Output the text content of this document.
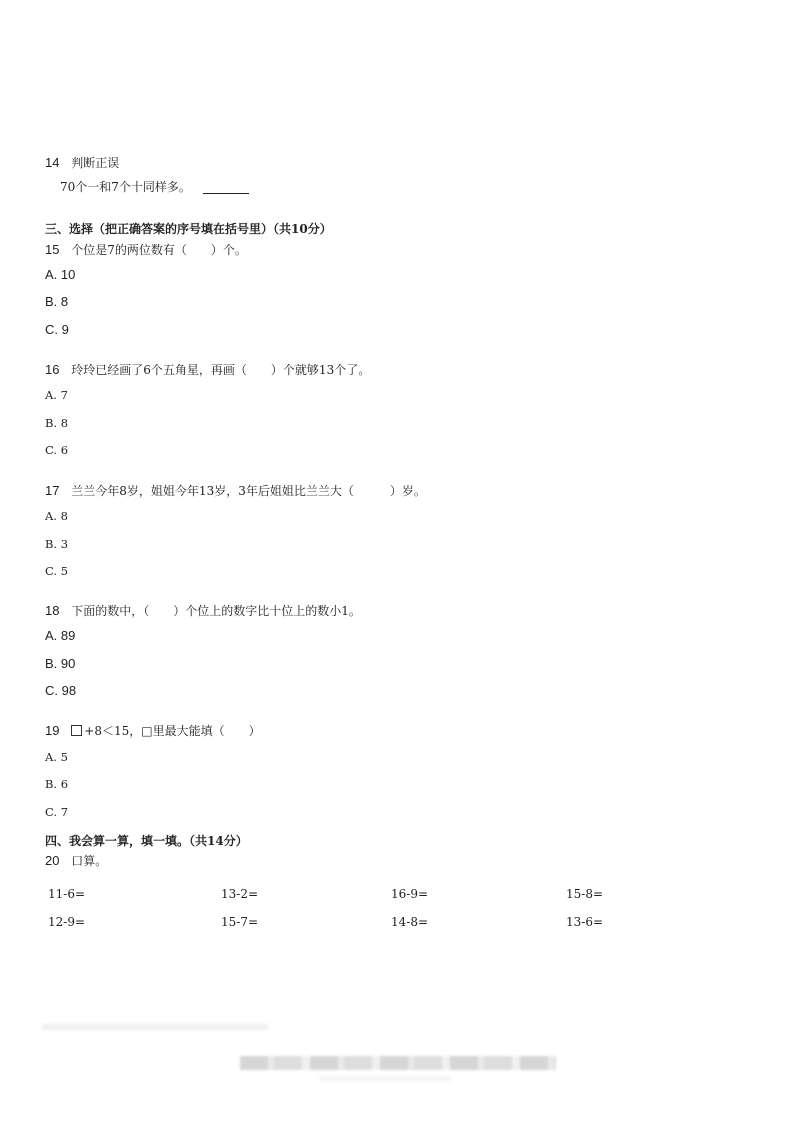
14 判断正误
70个一和7个十同样多。
三、选择（把正确答案的序号填在括号里）（共10分）
15 个位是7的两位数有（　　）个。
A. 10
B. 8
C. 9
16 玲玲已经画了6个五角星，再画（　　）个就够13个了。
A. 7
B. 8
C. 6
17 兰兰今年8岁，姐姐今年13岁，3年后姐姐比兰兰大（　　　）岁。
A. 8
B. 3
C. 5
18 下面的数中，（　　）个位上的数字比十位上的数小1。
A. 89
B. 90
C. 98
19 +8＜15，□里最大能填（　　）
A. 5
B. 6
C. 7
四、我会算一算，填一填。（共14分）
20 口算。
11-6=	13-2=	16-9=	15-8=
12-9=	15-7=	14-8=	13-6=
